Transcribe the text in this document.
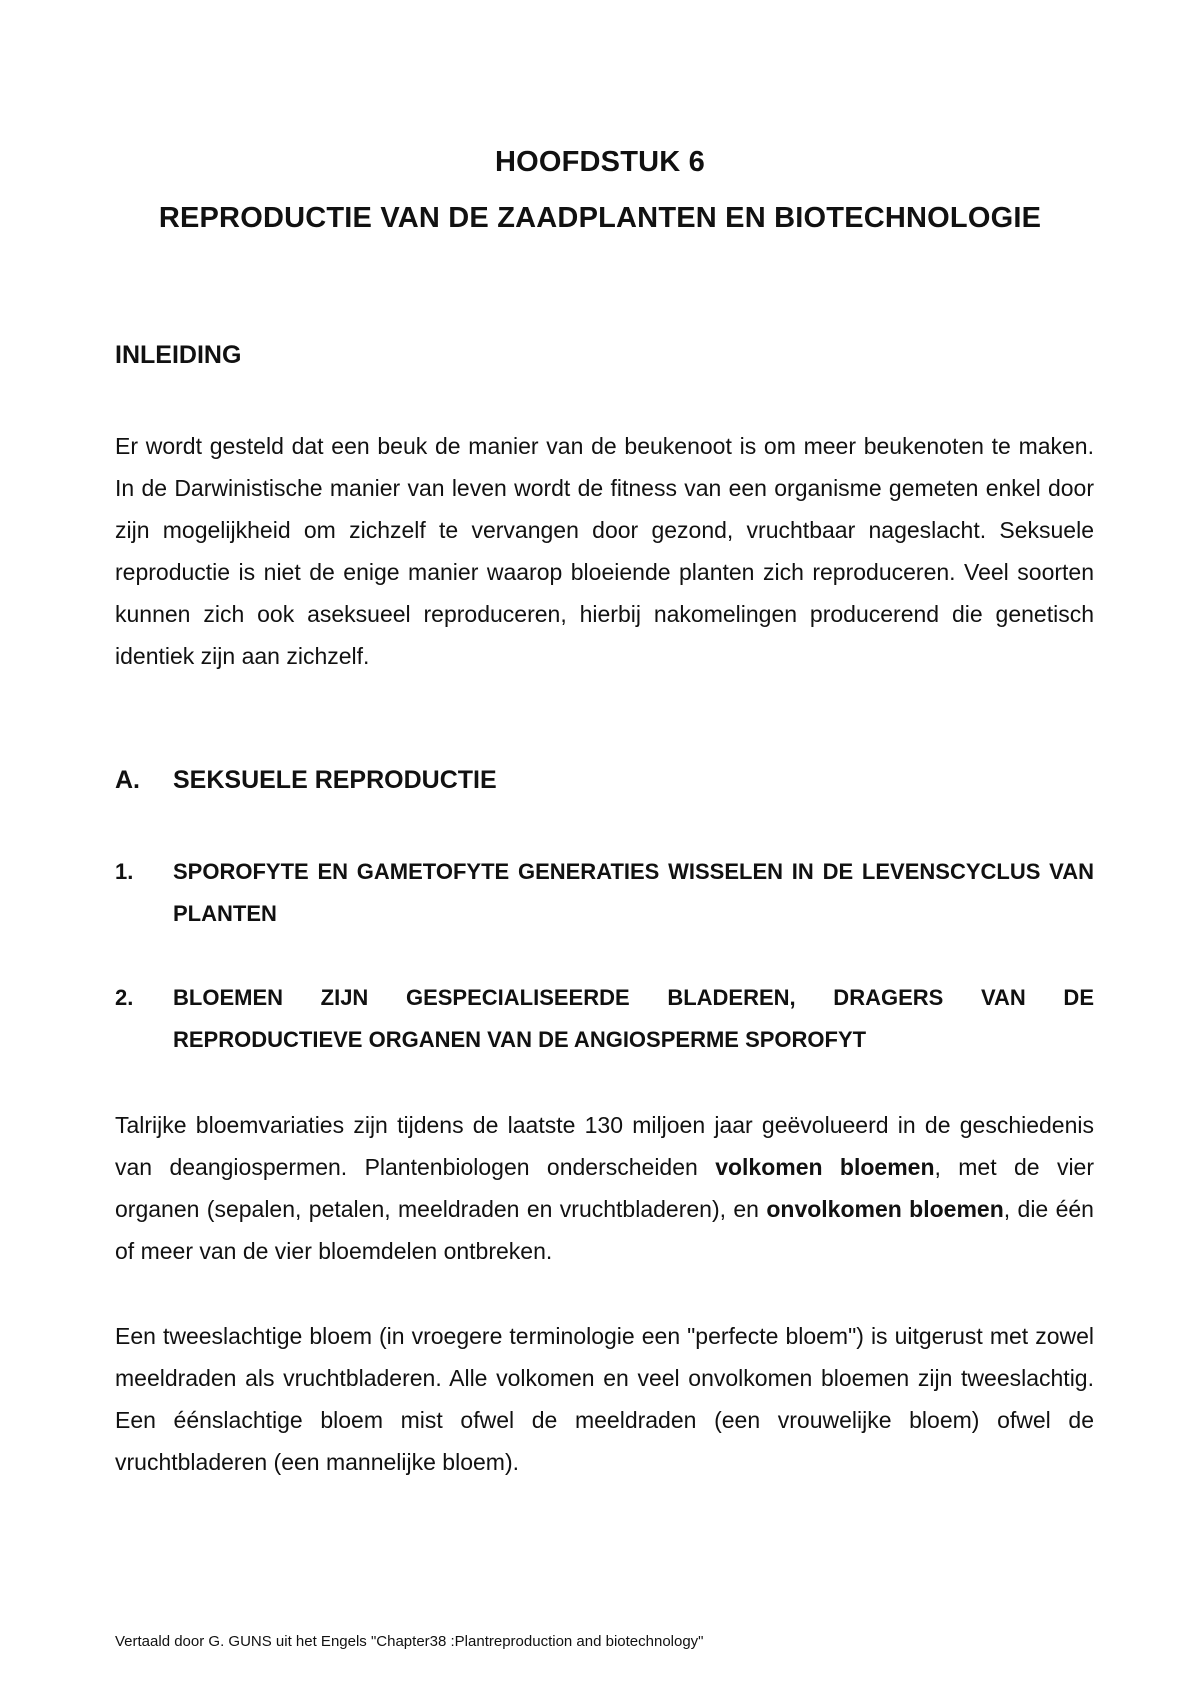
HOOFDSTUK 6
REPRODUCTIE VAN DE ZAADPLANTEN EN BIOTECHNOLOGIE
INLEIDING

Er wordt gesteld dat een beuk de manier van de beukenoot is om meer beukenoten te maken. In de Darwinistische manier van leven wordt de fitness van een organisme gemeten enkel door zijn mogelijkheid om zichzelf te vervangen door gezond, vruchtbaar nageslacht. Seksuele reproductie is niet de enige manier waarop bloeiende planten zich reproduceren. Veel soorten kunnen zich ook aseksueel reproduceren, hierbij nakomelingen producerend die genetisch identiek zijn aan zichzelf.

A. SEKSUELE REPRODUCTIE
1. SPOROFYTE EN GAMETOFYTE GENERATIES WISSELEN IN DE LEVENSCYCLUS VAN PLANTEN
2. BLOEMEN ZIJN GESPECIALISEERDE BLADEREN, DRAGERS VAN DE REPRODUCTIEVE ORGANEN VAN DE ANGIOSPERME SPOROFYT

Talrijke bloemvariaties zijn tijdens de laatste 130 miljoen jaar geëvolueerd in de geschiedenis van deangiospermen. Plantenbiologen onderscheiden volkomen bloemen, met de vier organen (sepalen, petalen, meeldraden en vruchtbladeren), en onvolkomen bloemen, die één of meer van de vier bloemdelen ontbreken.

Een tweeslachtige bloem (in vroegere terminologie een "perfecte bloem") is uitgerust met zowel meeldraden als vruchtbladeren. Alle volkomen en veel onvolkomen bloemen zijn tweeslachtig. Een éénslachtige bloem mist ofwel de meeldraden (een vrouwelijke bloem) ofwel de vruchtbladeren (een mannelijke bloem).

Vertaald door G. GUNS uit het Engels "Chapter38 :Plantreproduction and biotechnology"
